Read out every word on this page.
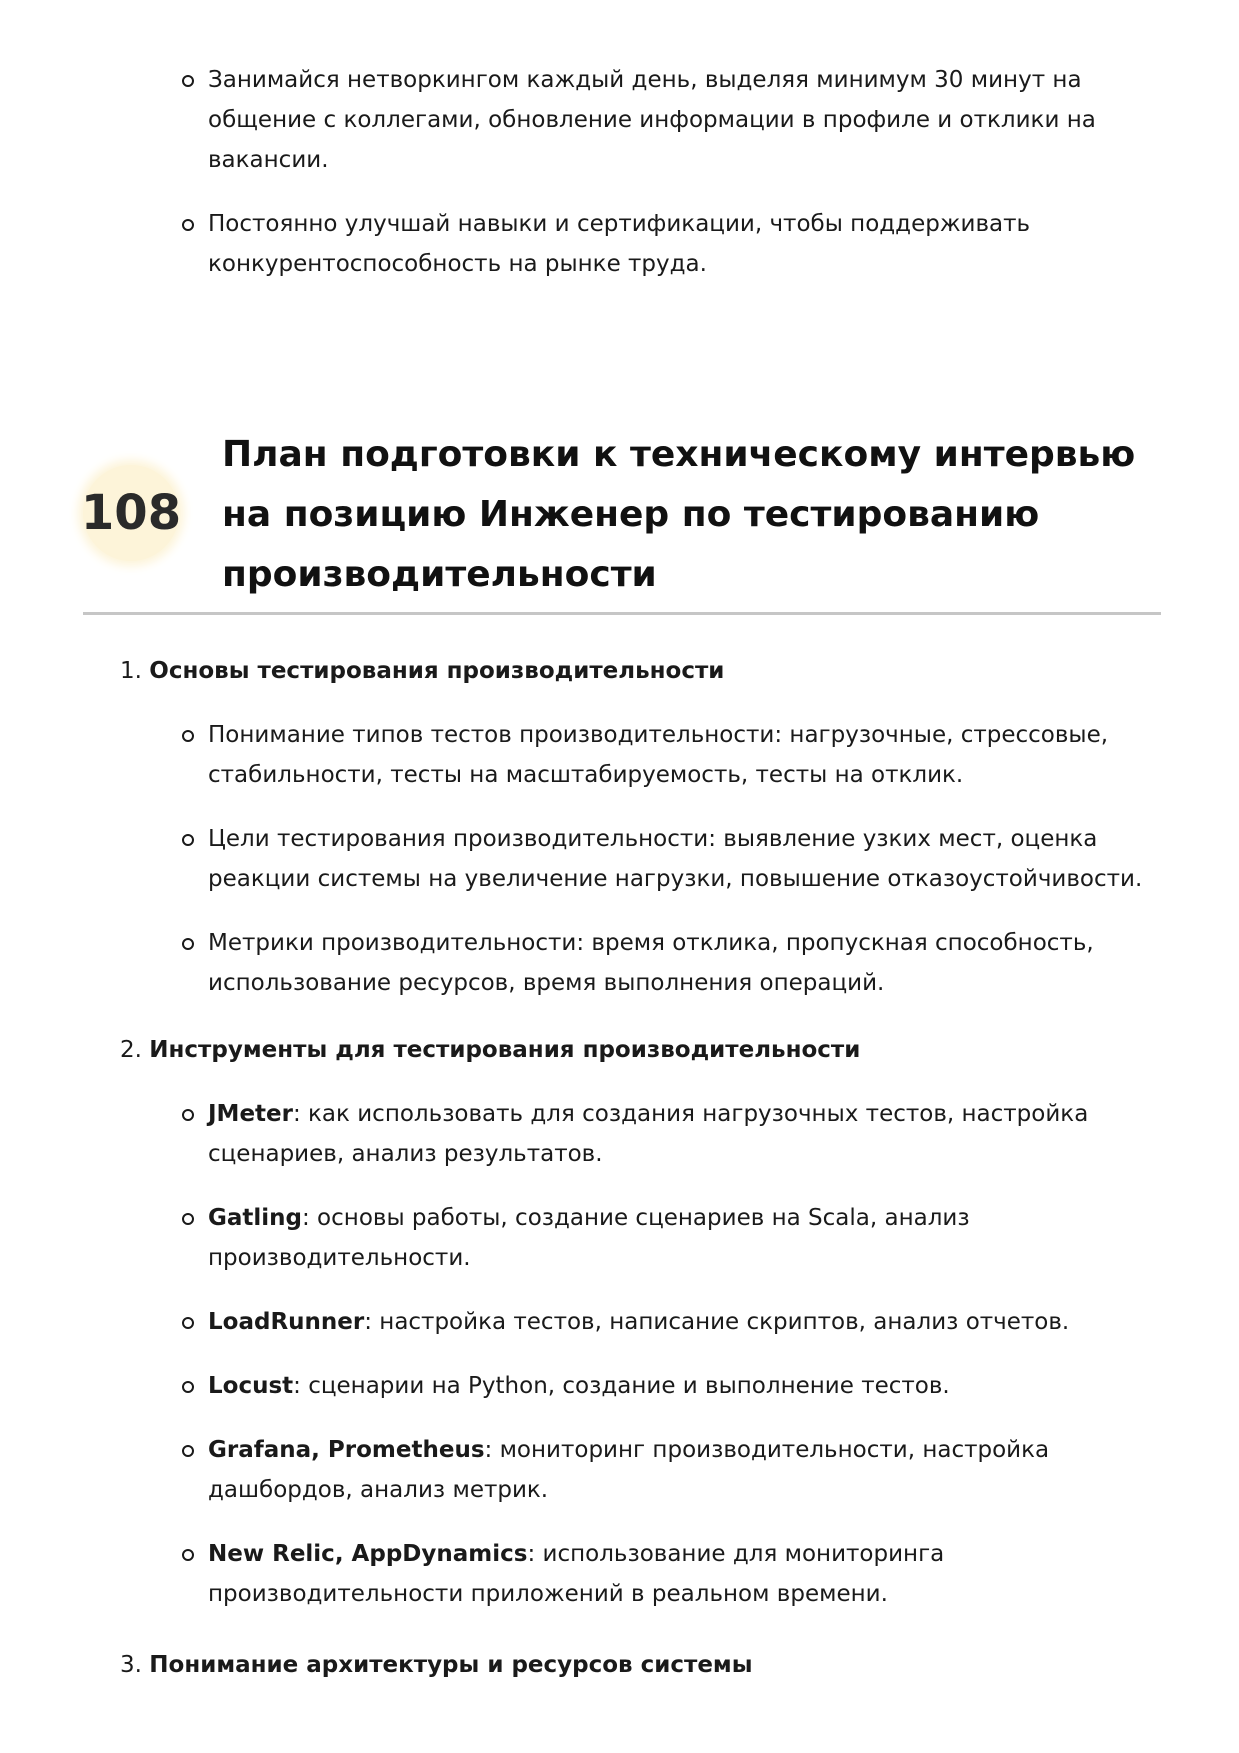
Занимайся нетворкингом каждый день, выделяя минимум 30 минут на общение с коллегами, обновление информации в профиле и отклики на вакансии.
Постоянно улучшай навыки и сертификации, чтобы поддерживать конкурентоспособность на рынке труда.
108
План подготовки к техническому интервью на позицию Инженер по тестированию производительности
1. Основы тестирования производительности
Понимание типов тестов производительности: нагрузочные, стрессовые, стабильности, тесты на масштабируемость, тесты на отклик.
Цели тестирования производительности: выявление узких мест, оценка реакции системы на увеличение нагрузки, повышение отказоустойчивости.
Метрики производительности: время отклика, пропускная способность, использование ресурсов, время выполнения операций.
2. Инструменты для тестирования производительности
JMeter: как использовать для создания нагрузочных тестов, настройка сценариев, анализ результатов.
Gatling: основы работы, создание сценариев на Scala, анализ производительности.
LoadRunner: настройка тестов, написание скриптов, анализ отчетов.
Locust: сценарии на Python, создание и выполнение тестов.
Grafana, Prometheus: мониторинг производительности, настройка дашбордов, анализ метрик.
New Relic, AppDynamics: использование для мониторинга производительности приложений в реальном времени.
3. Понимание архитектуры и ресурсов системы
